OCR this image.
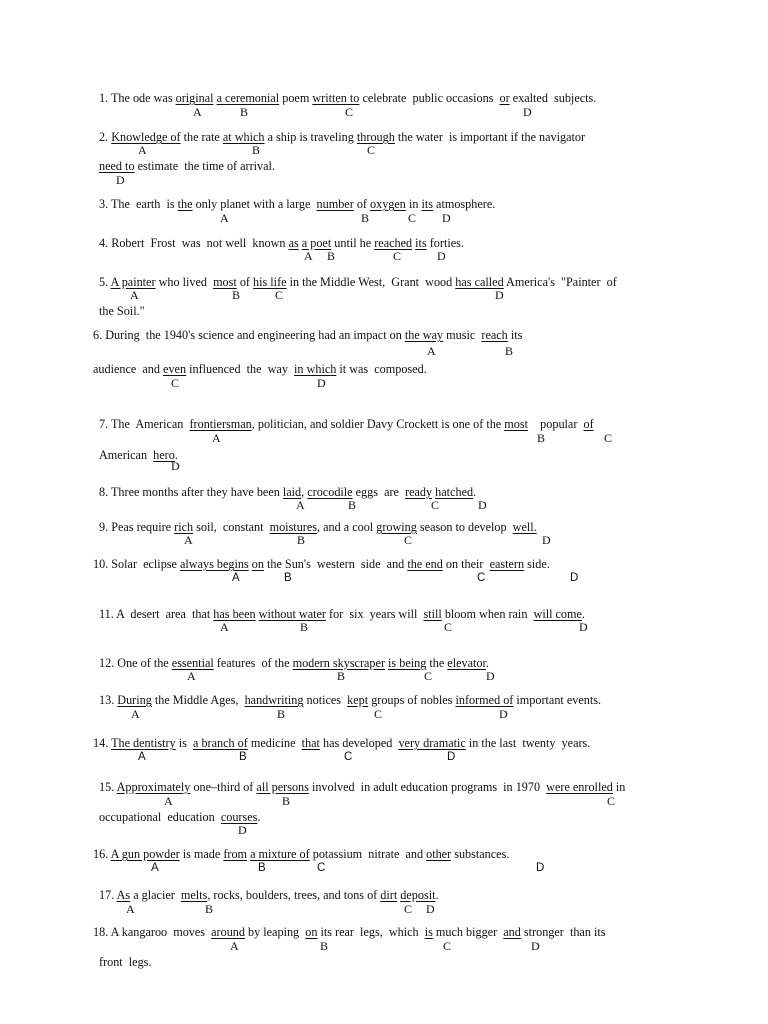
1. The ode was original a ceremonial poem written to celebrate  public occasions  or exalted  subjects.
2. Knowledge of the rate at which a ship is traveling through the water  is important if the navigator
need to estimate  the time of arrival.
3. The  earth  is the only planet with a large  number of oxygen in its atmosphere.
4. Robert  Frost  was  not well  known as a poet until he reached its forties.
5. A painter who lived  most of his life in the Middle West,  Grant  wood has called America's  "Painter  of
the Soil."
6. During  the 1940's science and engineering had an impact on the way music  reach its
audience  and even influenced  the  way  in which it was  composed.
7. The  American  frontiersman, politician, and soldier Davy Crockett is one of the most    popular  of
American  hero.
8. Three months after they have been laid, crocodile eggs  are  ready hatched.
9. Peas require rich soil,  constant  moistures, and a cool growing season to develop  well.
10. Solar  eclipse always begins on the Sun's  western  side  and the end on their  eastern side.
11. A  desert  area  that has been without water for  six  years will  still bloom when rain  will come.
12. One of the essential features  of the modern skyscraper is being the elevator.
13. During the Middle Ages,  handwriting notices  kept groups of nobles informed of important events.
14. The dentistry is  a branch of medicine  that has developed  very dramatic in the last  twenty  years.
15. Approximately one–third of all persons involved  in adult education programs  in 1970  were enrolled in
occupational  education  courses.
16. A gun powder is made from a mixture of potassium  nitrate  and other substances.
17. As a glacier  melts, rocks, boulders, trees, and tons of dirt deposit.
18. A kangaroo  moves  around by leaping  on its rear  legs,  which  is much bigger  and stronger  than its
front  legs.
A	B	C	D
A	B	C
D
A	B	C D
A B	C	D
A	B	C	D
A	B
C	D
A	B	C
D
A	B	C	D
A	B	C	D
A	B	C	D
A	B	C	D
A	B	C	D
A	B	C	D
A	B	C	D
A	B	C
D
A	B	C	D
A	B	C D
A	B	C	D
